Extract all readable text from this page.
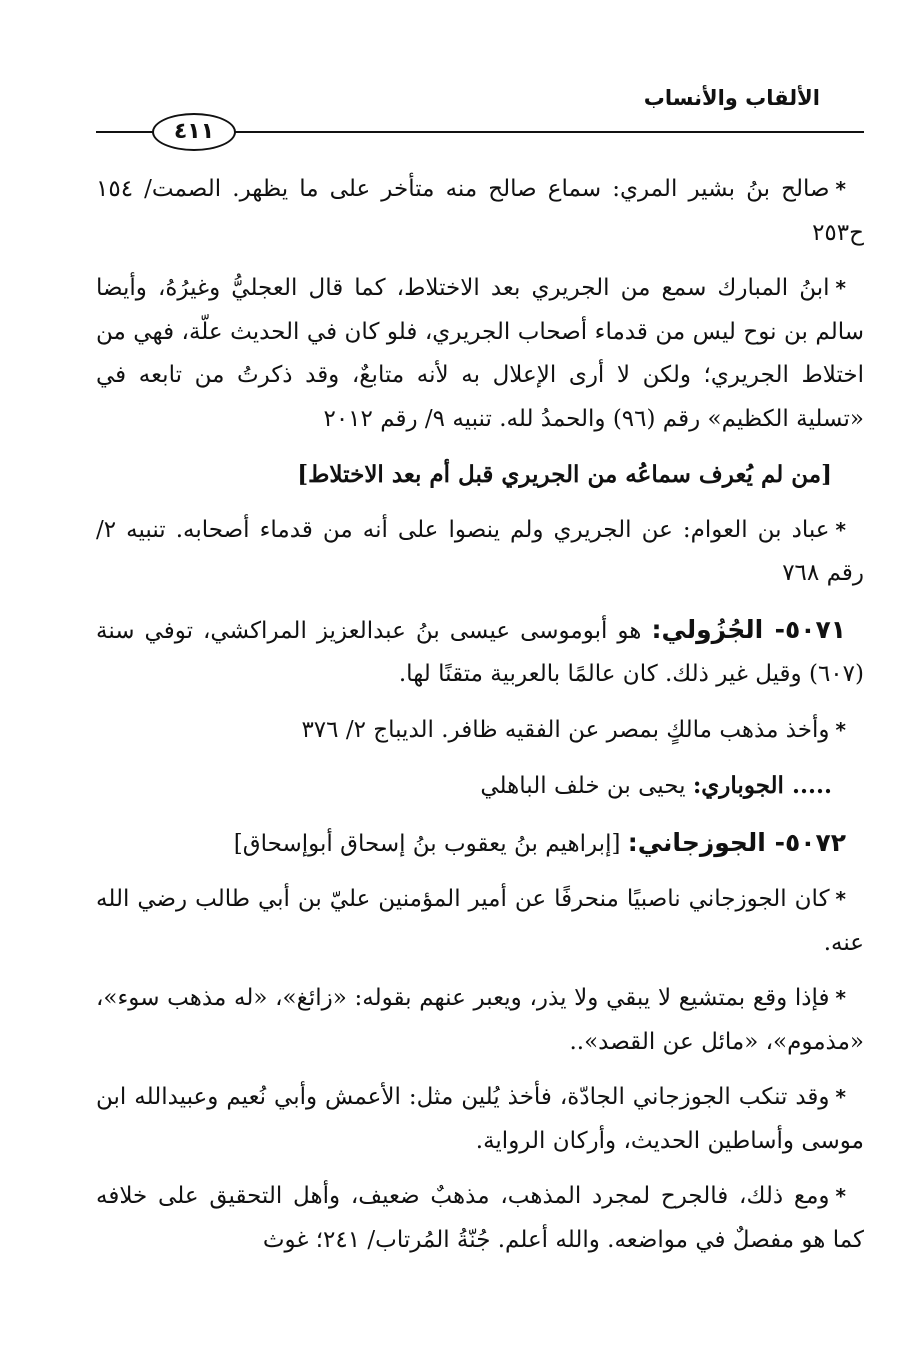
الألقاب والأنساب
٤١١

*صالح بنُ بشير المري: سماع صالح منه متأخر على ما يظهر. الصمت/ ١٥٤ ح٢٥٣

*ابنُ المبارك سمع من الجريري بعد الاختلاط، كما قال العجليُّ وغيرُهُ، وأيضا سالم بن نوح ليس من قدماء أصحاب الجريري، فلو كان في الحديث علّة، فهي من اختلاط الجريري؛ ولكن لا أرى الإعلال به لأنه متابعٌ، وقد ذكرتُ من تابعه في «تسلية الكظيم» رقم (٩٦) والحمدُ لله. تنبيه ٩/ رقم ٢٠١٢

[من لم يُعرف سماعُه من الجريري قبل أم بعد الاختلاط]

*عباد بن العوام: عن الجريري ولم ينصوا على أنه من قدماء أصحابه. تنبيه ٢/ رقم ٧٦٨

٥٠٧١- الجُزُولي: هو أبوموسى عيسى بنُ عبدالعزيز المراكشي، توفي سنة (٦٠٧) وقيل غير ذلك. كان عالمًا بالعربية متقنًا لها.

*وأخذ مذهب مالكٍ بمصر عن الفقيه ظافر. الديباج ٢/ ٣٧٦

..... الجوباري: يحيى بن خلف الباهلي

٥٠٧٢- الجوزجاني: [إبراهيم بنُ يعقوب بنُ إسحاق أبوإسحاق]

*كان الجوزجاني ناصبيًا منحرفًا عن أمير المؤمنين عليّ بن أبي طالب رضي الله عنه.

*فإذا وقع بمتشيع لا يبقي ولا يذر، ويعبر عنهم بقوله: «زائغ»، «له مذهب سوء»، «مذموم»، «مائل عن القصد»..

*وقد تنكب الجوزجاني الجادّة، فأخذ يُلين مثل: الأعمش وأبي نُعيم وعبيدالله ابن موسى وأساطين الحديث، وأركان الرواية.

*ومع ذلك، فالجرح لمجرد المذهب، مذهبٌ ضعيف، وأهل التحقيق على خلافه كما هو مفصلٌ في مواضعه. والله أعلم. جُنّةُ المُرتاب/ ٢٤١؛ غوث
